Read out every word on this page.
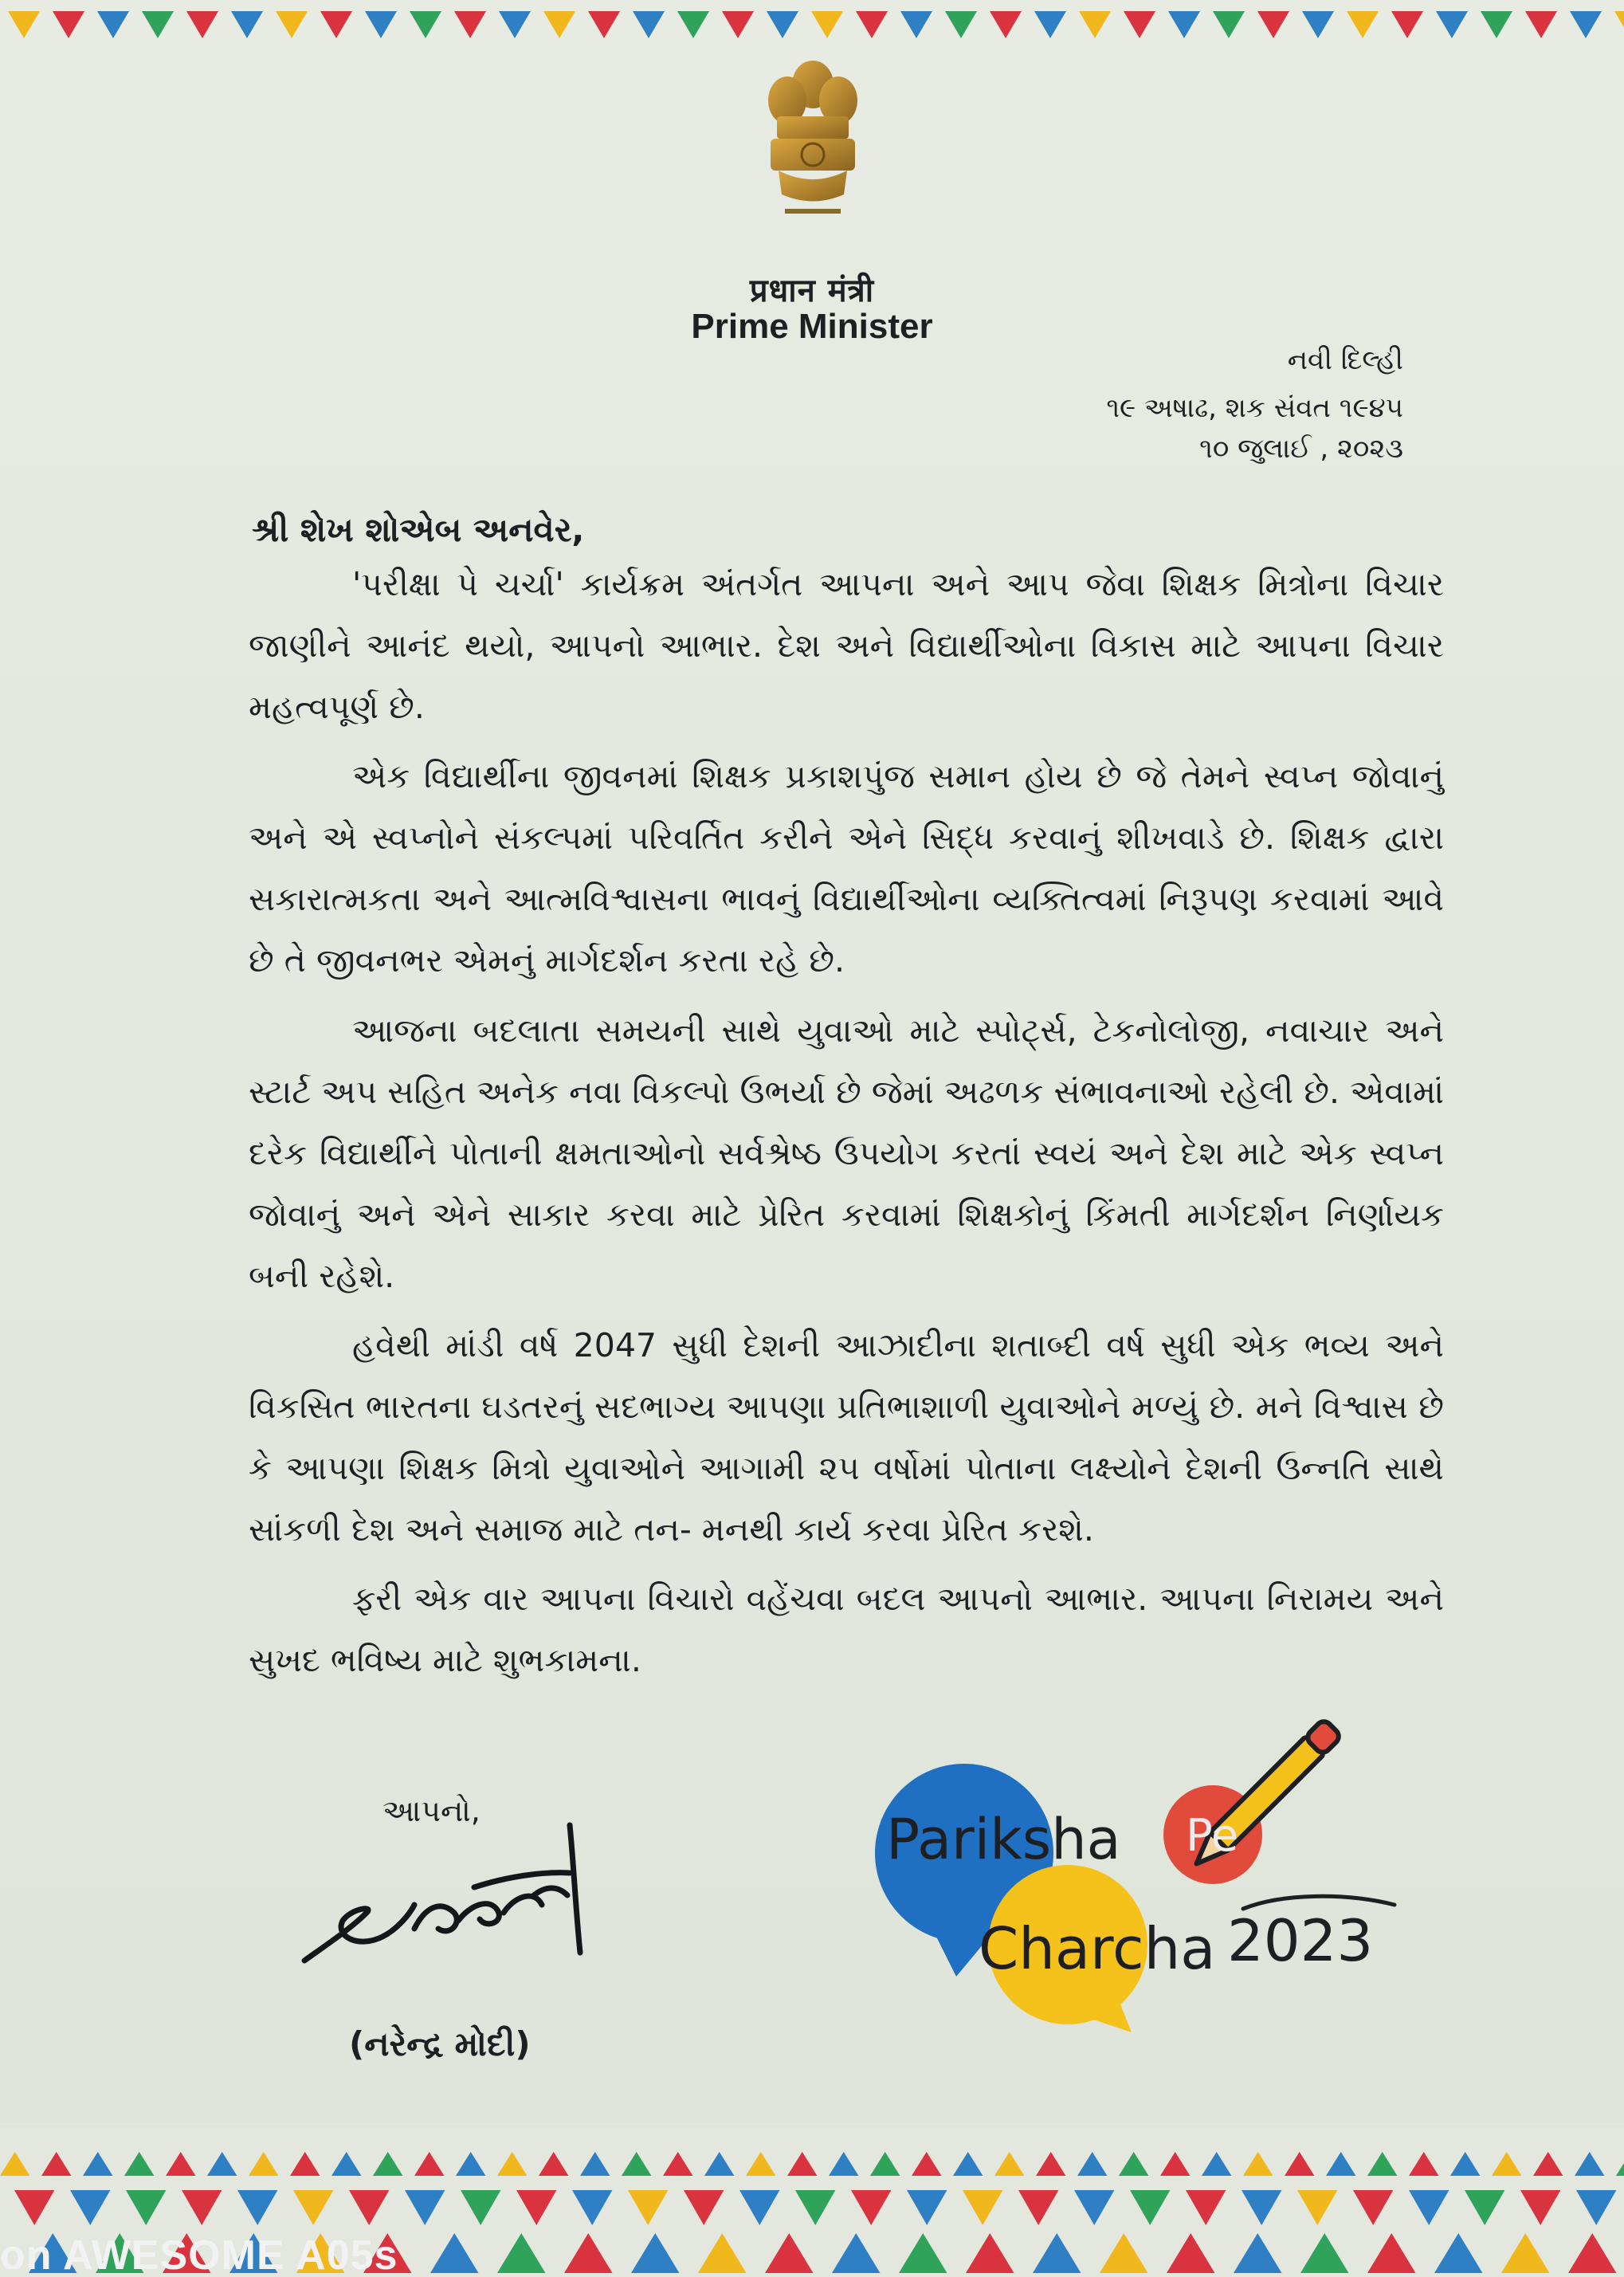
प्रधान मंत्री
Prime Minister
નવી દિલ્હી
૧૯ અષાઢ, શક સંવત ૧૯૪૫
૧૦ જુલાઈ , ૨૦૨૩
શ્રી શેખ શોએબ અનવેર,

'પરીક્ષા પે ચર્ચા' કાર્યક્રમ અંતર્ગત આપના અને આપ જેવા શિક્ષક મિત્રોના વિચાર જાણીને આનંદ થયો, આપનો આભાર. દેશ અને વિદ્યાર્થીઓના વિકાસ માટે આપના વિચાર મહત્વપૂર્ણ છે.

એક વિદ્યાર્થીના જીવનમાં શિક્ષક પ્રકાશપુંજ સમાન હોય છે જે તેમને સ્વપ્ન જોવાનું અને એ સ્વપ્નોને સંકલ્પમાં પરિવર્તિત કરીને એને સિદ્ધ કરવાનું શીખવાડે છે. શિક્ષક દ્વારા સકારાત્મકતા અને આત્મવિશ્વાસના ભાવનું વિદ્યાર્થીઓના વ્યક્તિત્વમાં નિરૂપણ કરવામાં આવે છે તે જીવનભર એમનું માર્ગદર્શન કરતા રહે છે.

આજના બદલાતા સમયની સાથે યુવાઓ માટે સ્પોર્ટ્સ, ટેકનોલોજી, નવાચાર અને સ્ટાર્ટ અપ સહિત અનેક નવા વિકલ્પો ઉભર્યા છે જેમાં અઢળક સંભાવનાઓ રહેલી છે. એવામાં દરેક વિદ્યાર્થીને પોતાની ક્ષમતાઓનો સર્વશ્રેષ્ઠ ઉપયોગ કરતાં સ્વયં અને દેશ માટે એક સ્વપ્ન જોવાનું અને એને સાકાર કરવા માટે પ્રેરિત કરવામાં શિક્ષકોનું કિંમતી માર્ગદર્શન નિર્ણાયક બની રહેશે.

હવેથી માંડી વર્ષ 2047 સુધી દેશની આઝાદીના શતાબ્દી વર્ષ સુધી એક ભવ્ય અને વિકસિત ભારતના ઘડતરનું સદભાગ્ય આપણા પ્રતિભાશાળી યુવાઓને મળ્યું છે. મને વિશ્વાસ છે કે આપણા શિક્ષક મિત્રો યુવાઓને આગામી ૨૫ વર્ષોમાં પોતાના લક્ષ્યોને દેશની ઉન્નતિ સાથે સાંકળી દેશ અને સમાજ માટે તન- મનથી કાર્ય કરવા પ્રેરિત કરશે.

ફરી એક વાર આપના વિચારો વહેંચવા બદલ આપનો આભાર. આપના નિરામય અને સુખદ ભવિષ્ય માટે શુભકામના.

આપનો,
(નરેન્દ્ર મોદી)
Pariksha Pe
Charcha 2023
on AWESOME A05s
